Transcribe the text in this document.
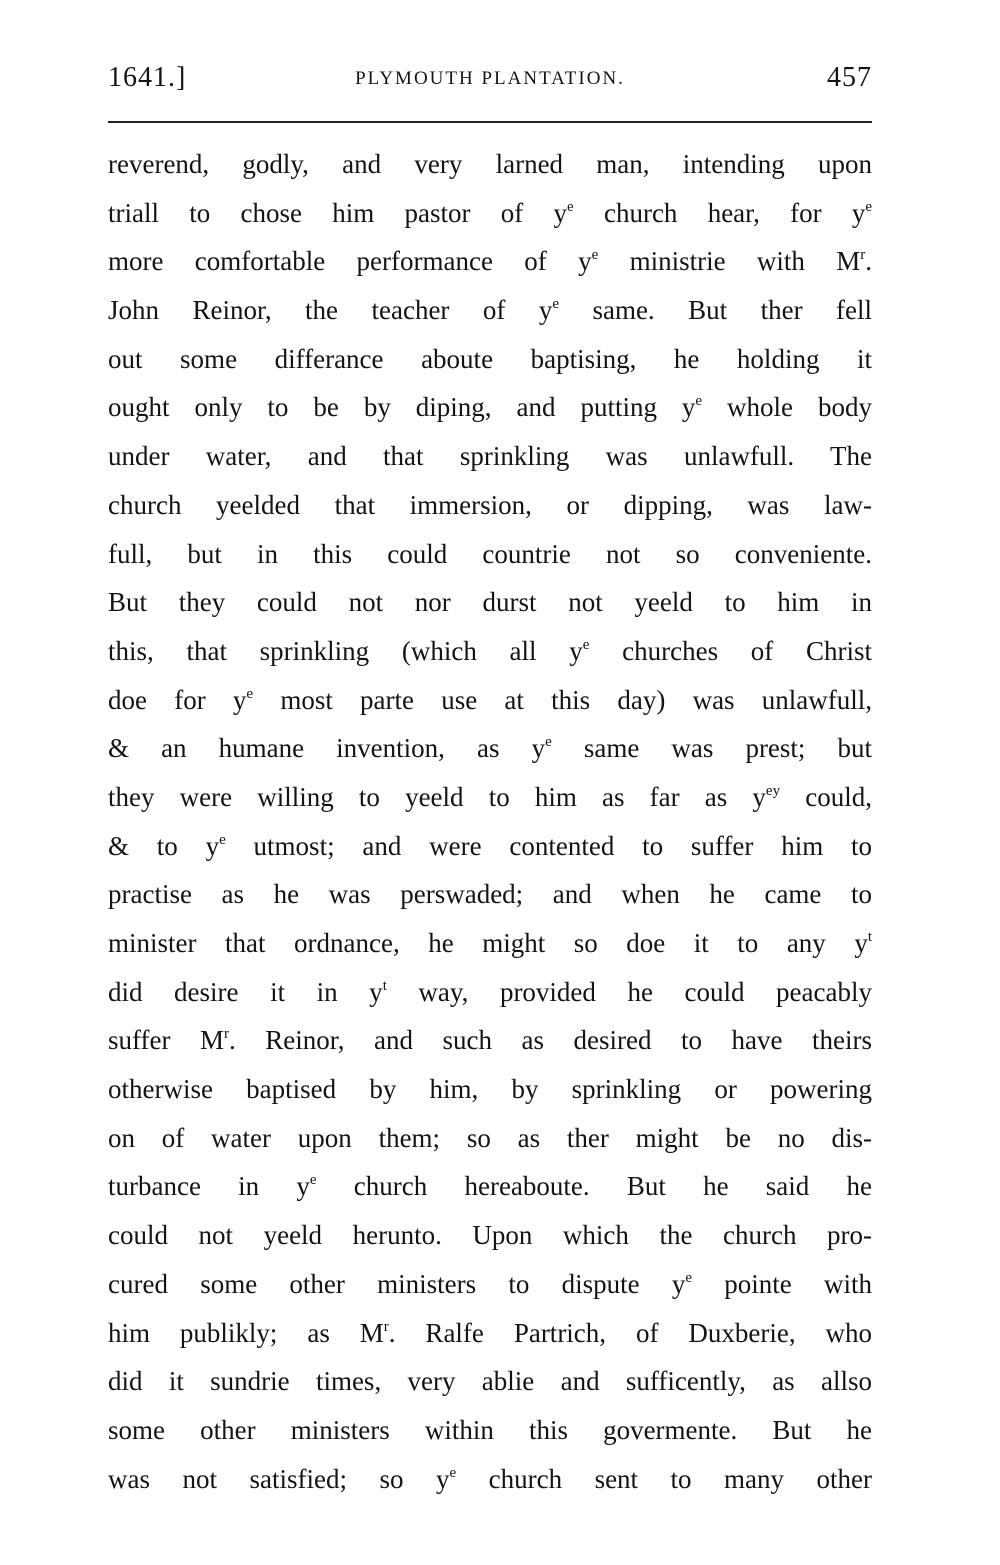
1641.]	PLYMOUTH PLANTATION.	457
reverend, godly, and very larned man, intending upon
triall to chose him pastor of $y^e$ church hear, for $y^e$
more comfortable performance of $y^e$ ministrie with $M^r$.
John Reinor, the teacher of $y^e$ same. But ther fell
out some differance aboute baptising, he holding it
ought only to be by diping, and putting $y^e$ whole body
under water, and that sprinkling was unlawfull. The
church yeelded that immersion, or dipping, was law-
full, but in this could countrie not so conveniente.
But they could not nor durst not yeeld to him in
this, that sprinkling (which all $y^e$ churches of Christ
doe for $y^e$ most parte use at this day) was unlawfull,
& an humane invention, as $y^e$ same was prest; but
they were willing to yeeld to him as far as $y^{ey}$ could,
& to $y^e$ utmost; and were contented to suffer him to
practise as he was perswaded; and when he came to
minister that ordnance, he might so doe it to any $y^t$
did desire it in $y^t$ way, provided he could peacably
suffer $M^r$. Reinor, and such as desired to have theirs
otherwise baptised by him, by sprinkling or powering
on of water upon them; so as ther might be no dis-
turbance in $y^e$ church hereaboute. But he said he
could not yeeld herunto. Upon which the church pro-
cured some other ministers to dispute $y^e$ pointe with
him publikly; as $M^r$. Ralfe Partrich, of Duxberie, who
did it sundrie times, very ablie and sufficently, as allso
some other ministers within this govermente. But he
was not satisfied; so $y^e$ church sent to many other
